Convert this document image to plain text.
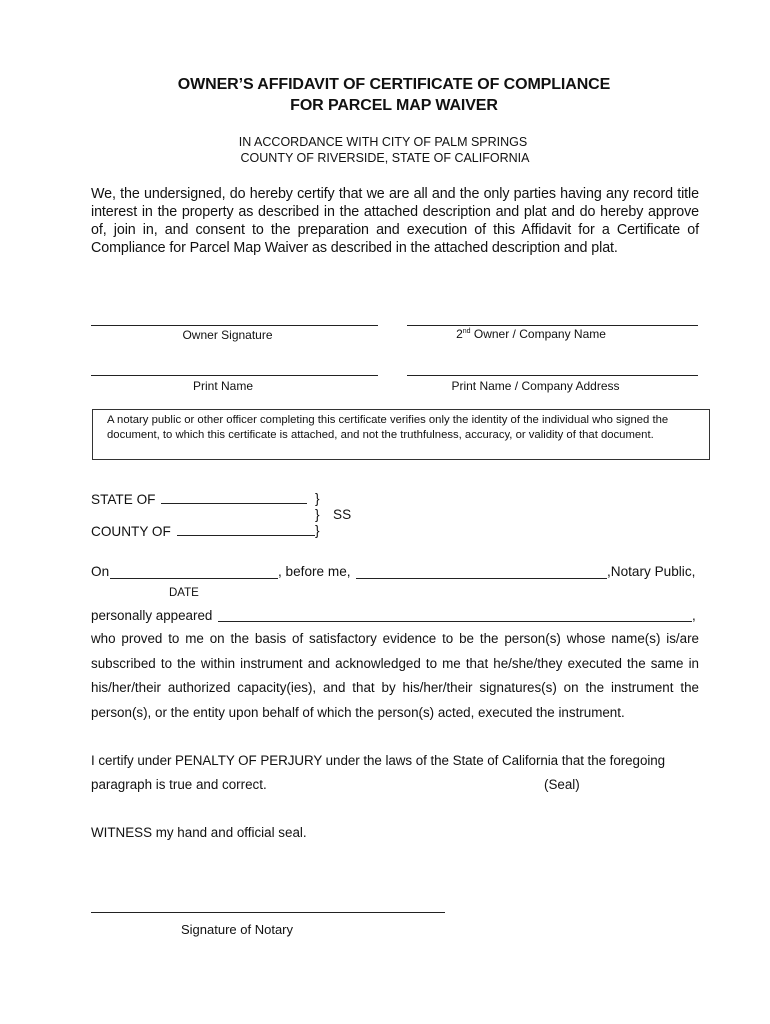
OWNER’S AFFIDAVIT OF CERTIFICATE OF COMPLIANCE
FOR PARCEL MAP WAIVER
IN ACCORDANCE WITH CITY OF PALM SPRINGS
COUNTY OF RIVERSIDE, STATE OF CALIFORNIA
We, the undersigned, do hereby certify that we are all and the only parties having any record title interest in the property as described in the attached description and plat and do hereby approve of, join in, and consent to the preparation and execution of this Affidavit for a Certificate of Compliance for Parcel Map Waiver as described in the attached description and plat.
Owner Signature	2nd Owner / Company Name
Print Name	Print Name / Company Address
A notary public or other officer completing this certificate verifies only the identity of the individual who signed the document, to which this certificate is attached, and not the truthfulness, accuracy, or validity of that document.
STATE OF	}
} SS
COUNTY OF	}
On	, before me,	,Notary Public,
DATE
personally appeared	,
who proved to me on the basis of satisfactory evidence to be the person(s) whose name(s) is/are subscribed to the within instrument and acknowledged to me that he/she/they executed the same in his/her/their authorized capacity(ies), and that by his/her/their signatures(s) on the instrument the person(s), or the entity upon behalf of which the person(s) acted, executed the instrument.
I certify under PENALTY OF PERJURY under the laws of the State of California that the foregoing
paragraph is true and correct.	(Seal)
WITNESS my hand and official seal.
Signature of Notary
